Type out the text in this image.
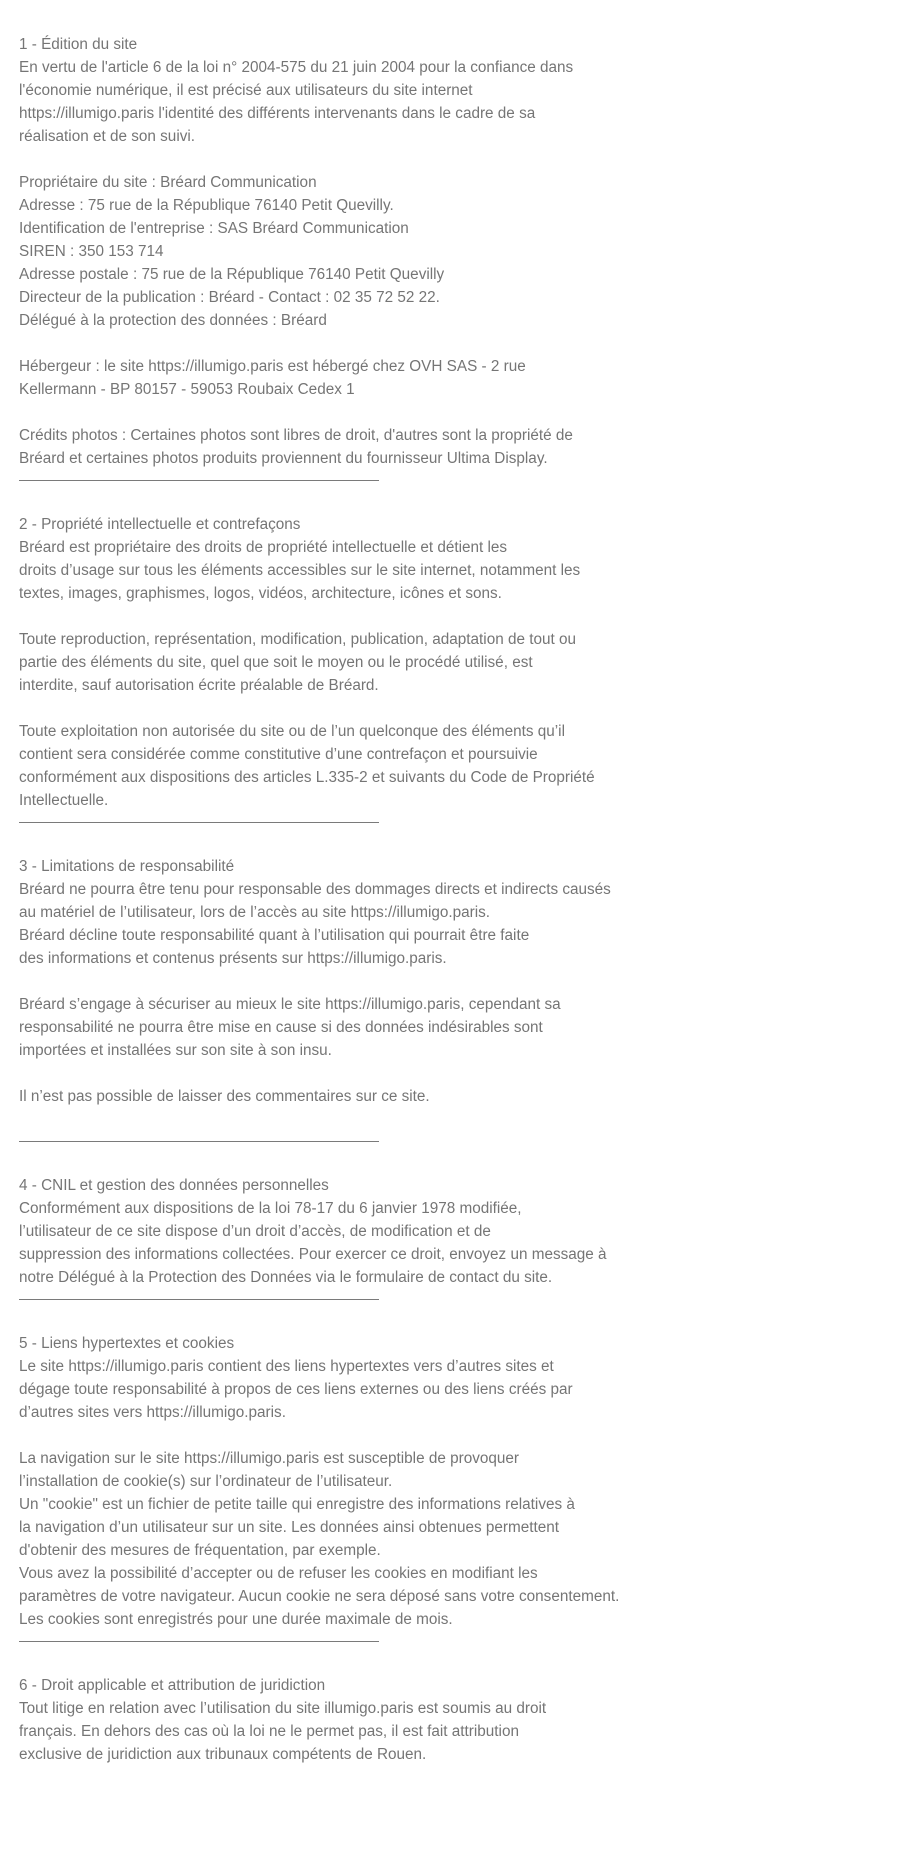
1 - Édition du site
En vertu de l'article 6 de la loi n° 2004-575 du 21 juin 2004 pour la confiance dans
l'économie numérique, il est précisé aux utilisateurs du site internet
https://illumigo.paris l'identité des différents intervenants dans le cadre de sa
réalisation et de son suivi.
Propriétaire du site : Bréard Communication
Adresse : 75 rue de la République 76140 Petit Quevilly.
Identification de l'entreprise : SAS Bréard Communication
SIREN : 350 153 714
Adresse postale : 75 rue de la République 76140 Petit Quevilly
Directeur de la publication : Bréard - Contact : 02 35 72 52 22.
Délégué à la protection des données : Bréard
Hébergeur : le site https://illumigo.paris est hébergé chez OVH SAS - 2 rue
Kellermann - BP 80157 - 59053 Roubaix Cedex 1
Crédits photos : Certaines photos sont libres de droit, d'autres sont la propriété de
Bréard et certaines photos produits proviennent du fournisseur Ultima Display.
2 - Propriété intellectuelle et contrefaçons
Bréard est propriétaire des droits de propriété intellectuelle et détient les
droits d’usage sur tous les éléments accessibles sur le site internet, notamment les
textes, images, graphismes, logos, vidéos, architecture, icônes et sons.
Toute reproduction, représentation, modification, publication, adaptation de tout ou
partie des éléments du site, quel que soit le moyen ou le procédé utilisé, est
interdite, sauf autorisation écrite préalable de Bréard.
Toute exploitation non autorisée du site ou de l’un quelconque des éléments qu’il
contient sera considérée comme constitutive d’une contrefaçon et poursuivie
conformément aux dispositions des articles L.335-2 et suivants du Code de Propriété
Intellectuelle.
3 - Limitations de responsabilité
Bréard ne pourra être tenu pour responsable des dommages directs et indirects causés
au matériel de l’utilisateur, lors de l’accès au site https://illumigo.paris.
Bréard décline toute responsabilité quant à l’utilisation qui pourrait être faite
des informations et contenus présents sur https://illumigo.paris.
Bréard s’engage à sécuriser au mieux le site https://illumigo.paris, cependant sa
responsabilité ne pourra être mise en cause si des données indésirables sont
importées et installées sur son site à son insu.
Il n’est pas possible de laisser des commentaires sur ce site.
4 - CNIL et gestion des données personnelles
Conformément aux dispositions de la loi 78-17 du 6 janvier 1978 modifiée,
l’utilisateur de ce site dispose d’un droit d’accès, de modification et de
suppression des informations collectées. Pour exercer ce droit, envoyez un message à
notre Délégué à la Protection des Données via le formulaire de contact du site.
5 - Liens hypertextes et cookies
Le site https://illumigo.paris contient des liens hypertextes vers d’autres sites et
dégage toute responsabilité à propos de ces liens externes ou des liens créés par
d’autres sites vers https://illumigo.paris.
La navigation sur le site https://illumigo.paris est susceptible de provoquer
l’installation de cookie(s) sur l’ordinateur de l’utilisateur.
Un "cookie" est un fichier de petite taille qui enregistre des informations relatives à
la navigation d’un utilisateur sur un site. Les données ainsi obtenues permettent
d'obtenir des mesures de fréquentation, par exemple.
Vous avez la possibilité d’accepter ou de refuser les cookies en modifiant les
paramètres de votre navigateur. Aucun cookie ne sera déposé sans votre consentement.
Les cookies sont enregistrés pour une durée maximale de mois.
6 - Droit applicable et attribution de juridiction
Tout litige en relation avec l’utilisation du site illumigo.paris est soumis au droit
français. En dehors des cas où la loi ne le permet pas, il est fait attribution
exclusive de juridiction aux tribunaux compétents de Rouen.
